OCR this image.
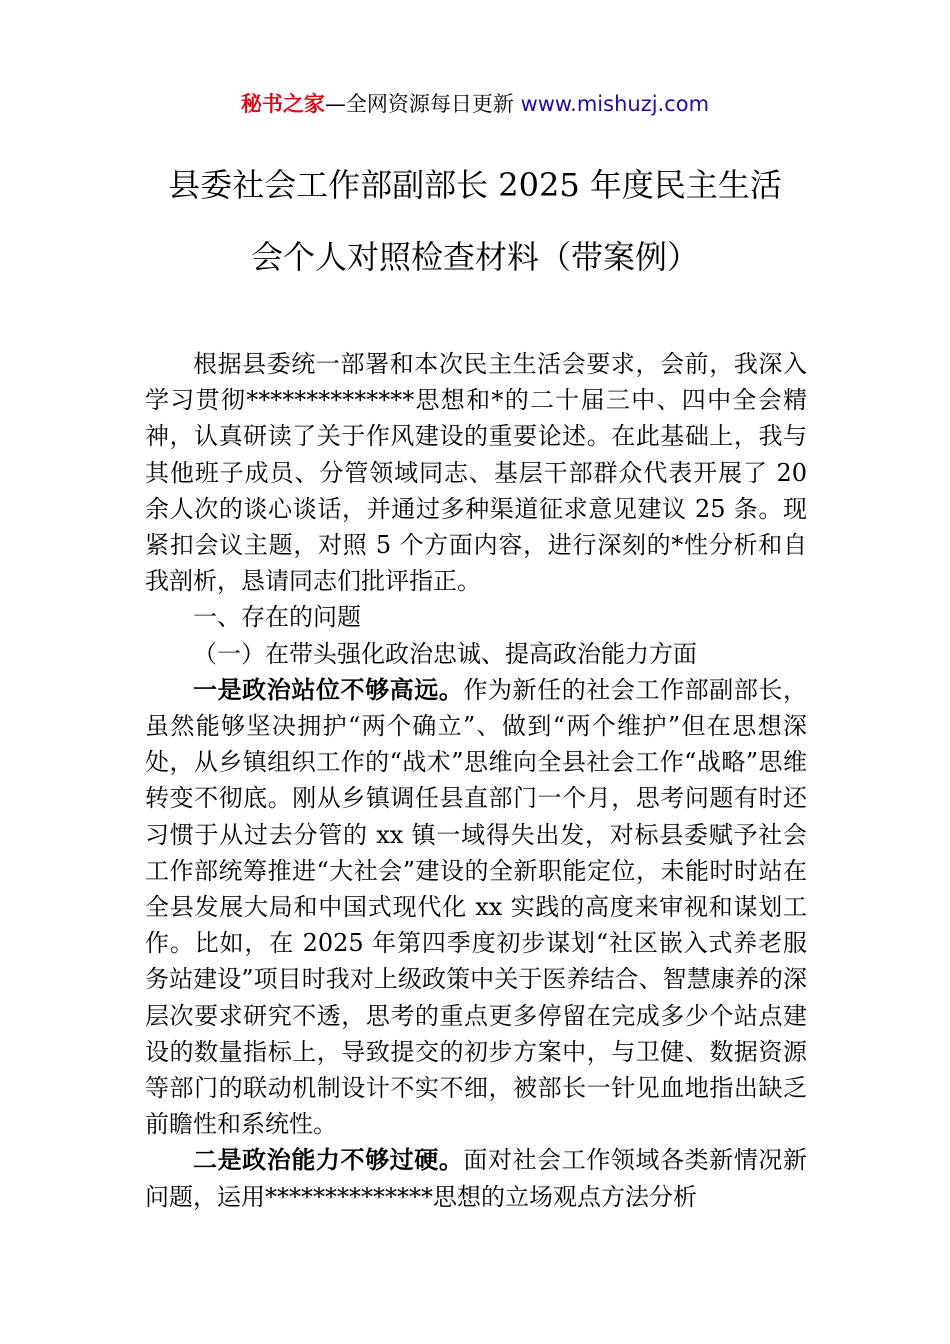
秘书之家—全网资源每日更新 www.mishuzj.com
县委社会工作部副部长 2025 年度民主生活
会个人对照检查材料（带案例）

根据县委统一部署和本次民主生活会要求，会前，我深入学习贯彻**************思想和*的二十届三中、四中全会精神，认真研读了关于作风建设的重要论述。在此基础上，我与其他班子成员、分管领域同志、基层干部群众代表开展了 20 余人次的谈心谈话，并通过多种渠道征求意见建议 25 条。现紧扣会议主题，对照 5 个方面内容，进行深刻的*性分析和自我剖析，恳请同志们批评指正。

一、存在的问题

（一）在带头强化政治忠诚、提高政治能力方面

一是政治站位不够高远。作为新任的社会工作部副部长，虽然能够坚决拥护“两个确立”、做到“两个维护”但在思想深处，从乡镇组织工作的“战术”思维向全县社会工作“战略”思维转变不彻底。刚从乡镇调任县直部门一个月，思考问题有时还习惯于从过去分管的 xx 镇一域得失出发，对标县委赋予社会工作部统筹推进“大社会”建设的全新职能定位，未能时时站在全县发展大局和中国式现代化 xx 实践的高度来审视和谋划工作。比如，在 2025 年第四季度初步谋划“社区嵌入式养老服务站建设”项目时我对上级政策中关于医养结合、智慧康养的深层次要求研究不透，思考的重点更多停留在完成多少个站点建设的数量指标上，导致提交的初步方案中，与卫健、数据资源等部门的联动机制设计不实不细，被部长一针见血地指出缺乏前瞻性和系统性。

二是政治能力不够过硬。面对社会工作领域各类新情况新问题，运用**************思想的立场观点方法分析
